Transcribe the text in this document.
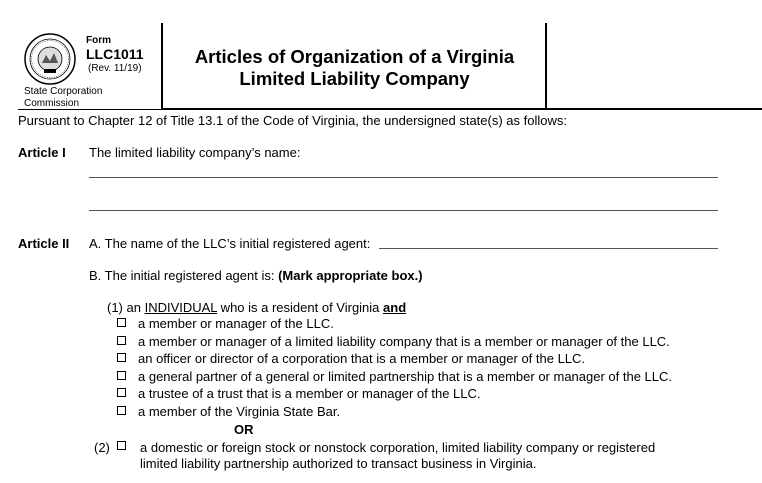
Form
LLC1011
(Rev. 11/19)
State Corporation
Commission
Articles of Organization of a Virginia
Limited Liability Company
Pursuant to Chapter 12 of Title 13.1 of the Code of Virginia, the undersigned state(s) as follows:
Article I The limited liability company’s name:
Article II A. The name of the LLC’s initial registered agent:
B. The initial registered agent is: (Mark appropriate box.)
(1) an INDIVIDUAL who is a resident of Virginia and
a member or manager of the LLC.
a member or manager of a limited liability company that is a member or manager of the LLC.
an officer or director of a corporation that is a member or manager of the LLC.
a general partner of a general or limited partnership that is a member or manager of the LLC.
a trustee of a trust that is a member or manager of the LLC.
a member of the Virginia State Bar.
OR
(2) a domestic or foreign stock or nonstock corporation, limited liability company or registered
limited liability partnership authorized to transact business in Virginia.
